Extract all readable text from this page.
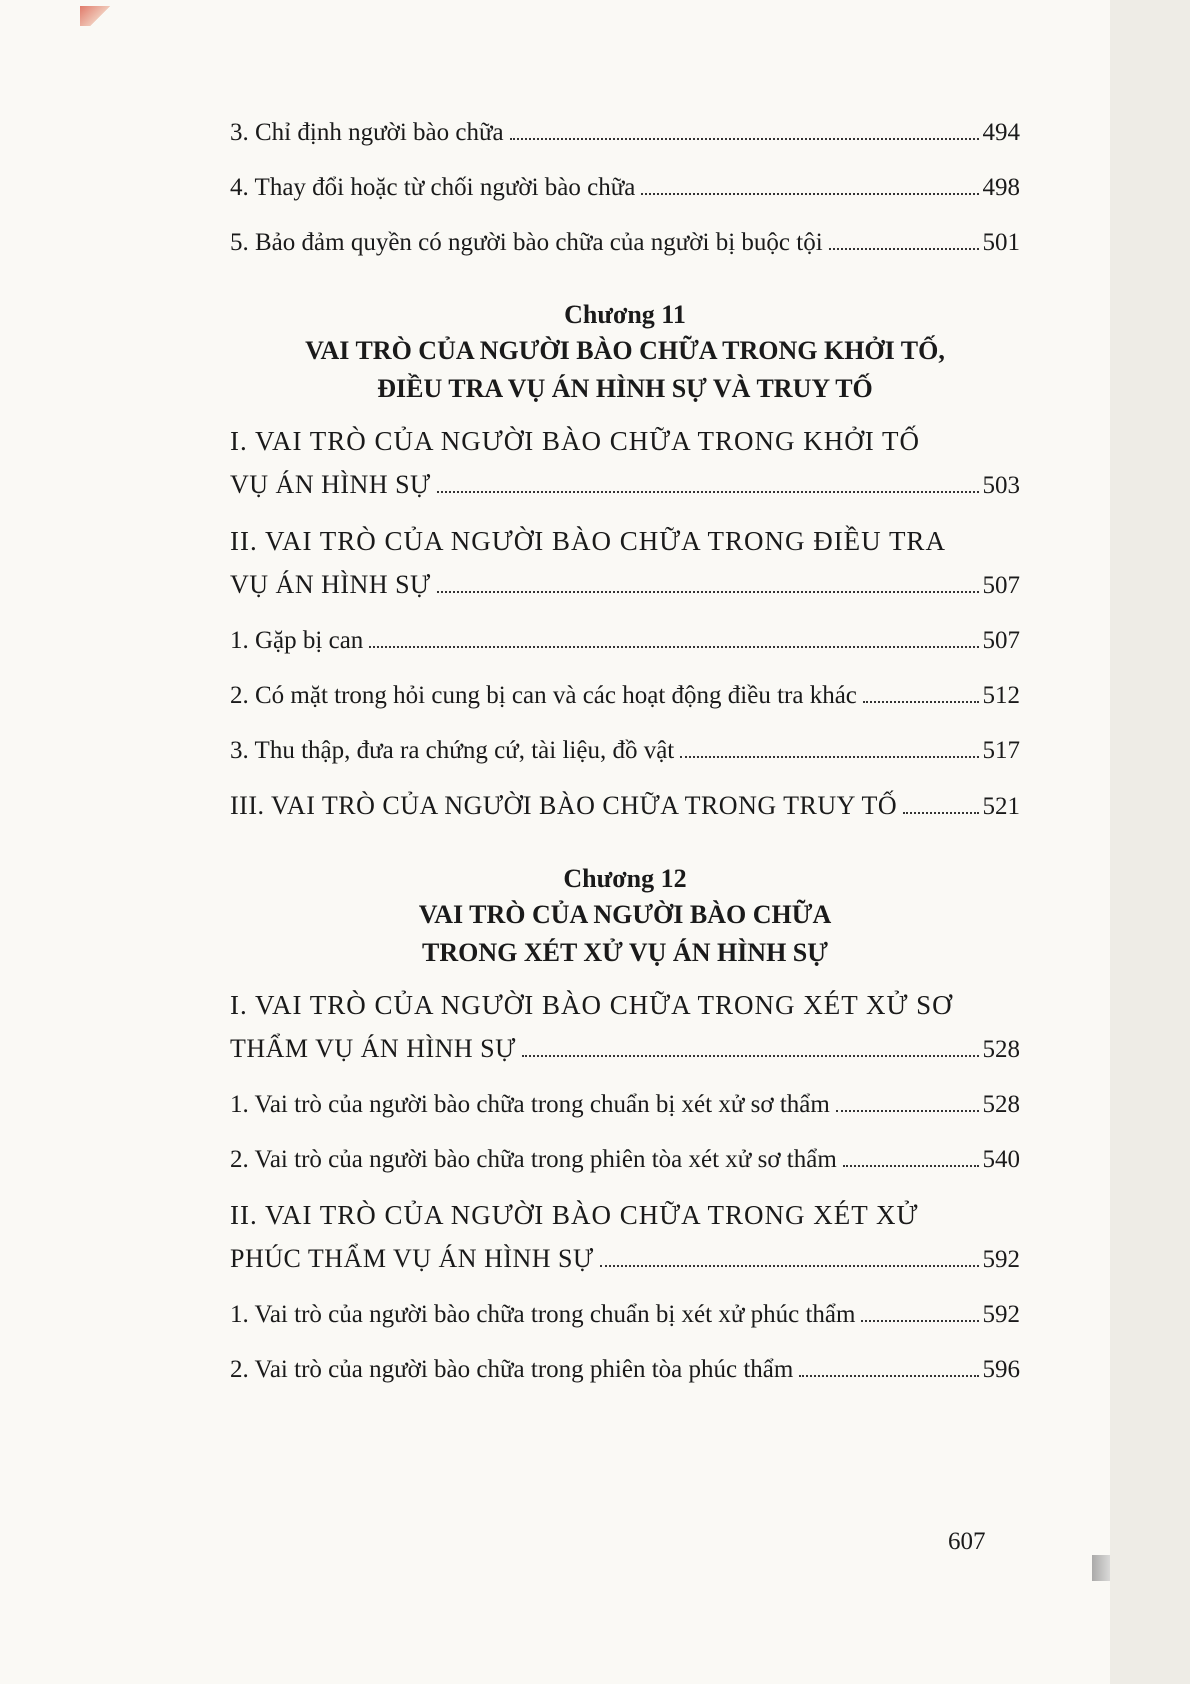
3. Chỉ định người bào chữa	494
4. Thay đổi hoặc từ chối người bào chữa	498
5. Bảo đảm quyền có người bào chữa của người bị buộc tội	501
Chương 11
VAI TRÒ CỦA NGƯỜI BÀO CHỮA TRONG KHỞI TỐ,
ĐIỀU TRA VỤ ÁN HÌNH SỰ VÀ TRUY TỐ
I. VAI TRÒ CỦA NGƯỜI BÀO CHỮA TRONG KHỞI TỐ
VỤ ÁN HÌNH SỰ	503
II. VAI TRÒ CỦA NGƯỜI BÀO CHỮA TRONG ĐIỀU TRA
VỤ ÁN HÌNH SỰ	507
1. Gặp bị can	507
2. Có mặt trong hỏi cung bị can và các hoạt động điều tra khác	512
3. Thu thập, đưa ra chứng cứ, tài liệu, đồ vật	517
III. VAI TRÒ CỦA NGƯỜI BÀO CHỮA TRONG TRUY TỐ	521
Chương 12
VAI TRÒ CỦA NGƯỜI BÀO CHỮA
TRONG XÉT XỬ VỤ ÁN HÌNH SỰ
I. VAI TRÒ CỦA NGƯỜI BÀO CHỮA TRONG XÉT XỬ SƠ
THẨM VỤ ÁN HÌNH SỰ	528
1. Vai trò của người bào chữa trong chuẩn bị xét xử sơ thẩm	528
2. Vai trò của người bào chữa trong phiên tòa xét xử sơ thẩm	540
II. VAI TRÒ CỦA NGƯỜI BÀO CHỮA TRONG XÉT XỬ
PHÚC THẨM VỤ ÁN HÌNH SỰ	592
1. Vai trò của người bào chữa trong chuẩn bị xét xử phúc thẩm	592
2. Vai trò của người bào chữa trong phiên tòa phúc thẩm	596
607
